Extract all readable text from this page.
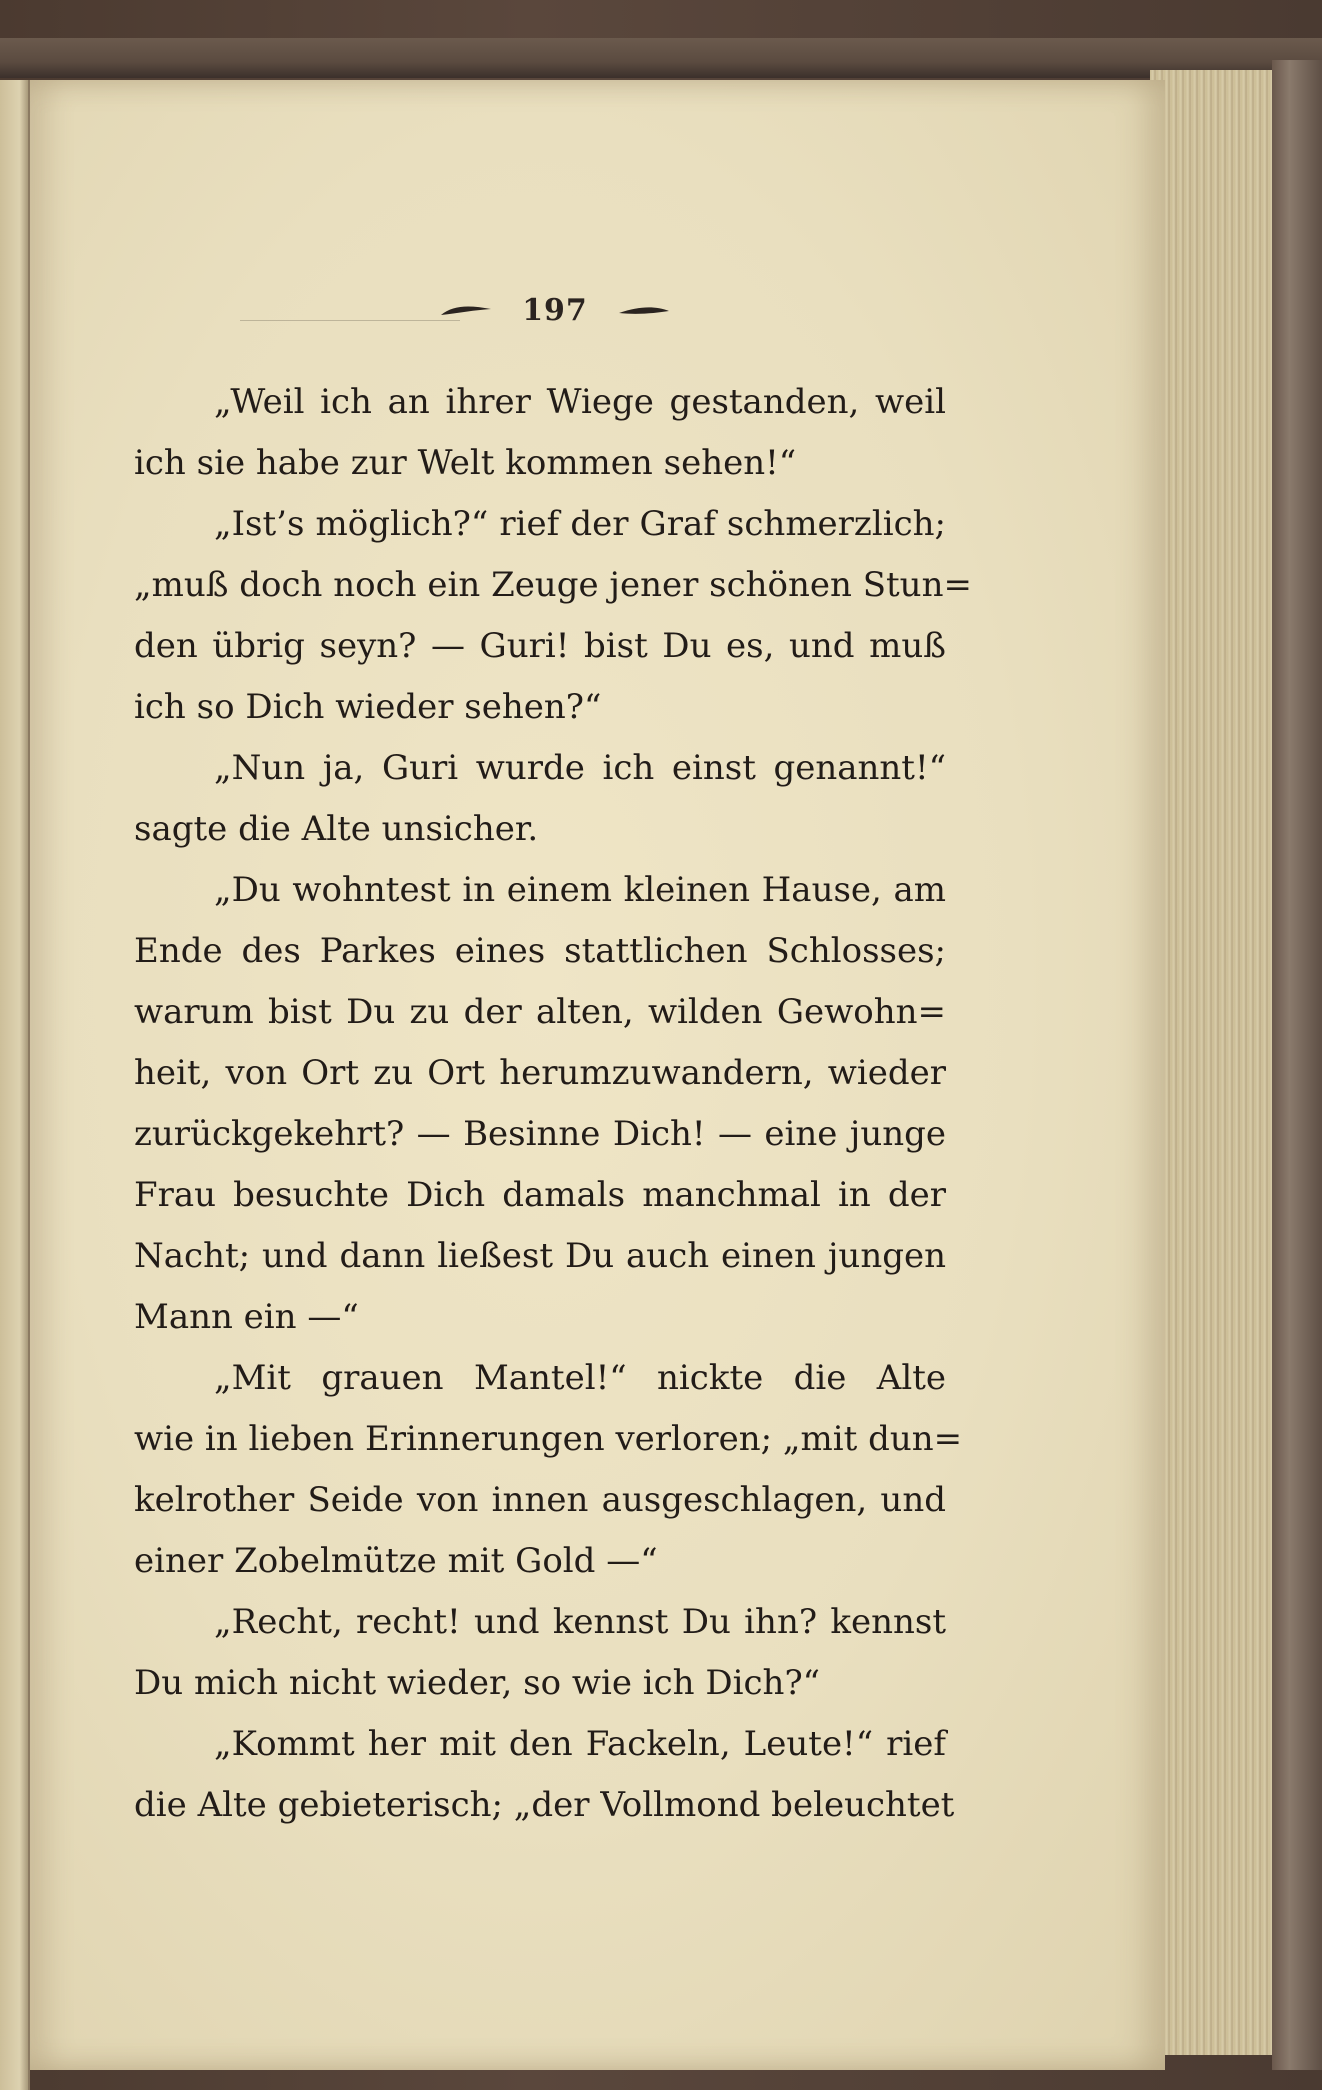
197
„Weil ich an ihrer Wiege gestanden, weil
ich sie habe zur Welt kommen sehen!“
„Ist’s möglich?“ rief der Graf schmerzlich;
„muß doch noch ein Zeuge jener schönen Stun=
den übrig seyn? — Guri! bist Du es, und muß
ich so Dich wieder sehen?“
„Nun ja, Guri wurde ich einst genannt!“
sagte die Alte unsicher.
„Du wohntest in einem kleinen Hause, am
Ende des Parkes eines stattlichen Schlosses;
warum bist Du zu der alten, wilden Gewohn=
heit, von Ort zu Ort herumzuwandern, wieder
zurückgekehrt? — Besinne Dich! — eine junge
Frau besuchte Dich damals manchmal in der
Nacht; und dann ließest Du auch einen jungen
Mann ein —“
„Mit grauen Mantel!“ nickte die Alte
wie in lieben Erinnerungen verloren; „mit dun=
kelrother Seide von innen ausgeschlagen, und
einer Zobelmütze mit Gold —“
„Recht, recht! und kennst Du ihn? kennst
Du mich nicht wieder, so wie ich Dich?“
„Kommt her mit den Fackeln, Leute!“ rief
die Alte gebieterisch; „der Vollmond beleuchtet
